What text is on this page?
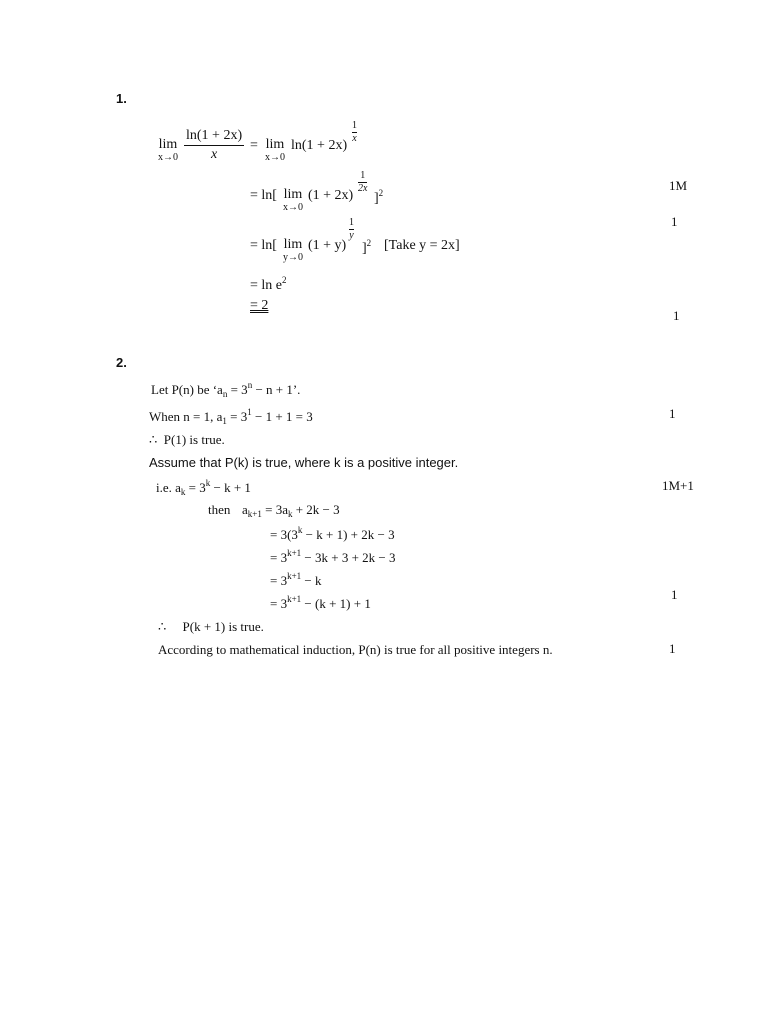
1.
lim
$x\to 0 \frac{\ln(1 + 2x)}{x} = \lim$
x→0
ln(1 + 2x)
1
x
= ln[ lim
x→0
(1 + 2x)
1
2x
]$^2$
= ln[ lim
y→0
(1 + y)
1
y
]$^2$ [Take y = 2x]
= $\ln e^2$
= 2
1M
1
1
2.
Let P(n) be ‘$a_n = 3^n - n + 1$’.
When n = 1, $a_1 = 3^1 - 1 + 1 = 3$
∴ P(1) is true.
Assume that P(k) is true, where k is a positive integer.
i.e. $a_k = 3^k - k + 1$
then $a_{k+1} = 3a_k + 2k - 3$
= $3(3^k - k + 1) + 2k - 3$
= $3^{k+1} - 3k + 3 + 2k - 3$
= $3^{k+1} - k$
= $3^{k+1} - (k + 1) + 1$
∴ P(k + 1) is true.
According to mathematical induction, P(n) is true for all positive integers n.
1
1M+1
1
1
